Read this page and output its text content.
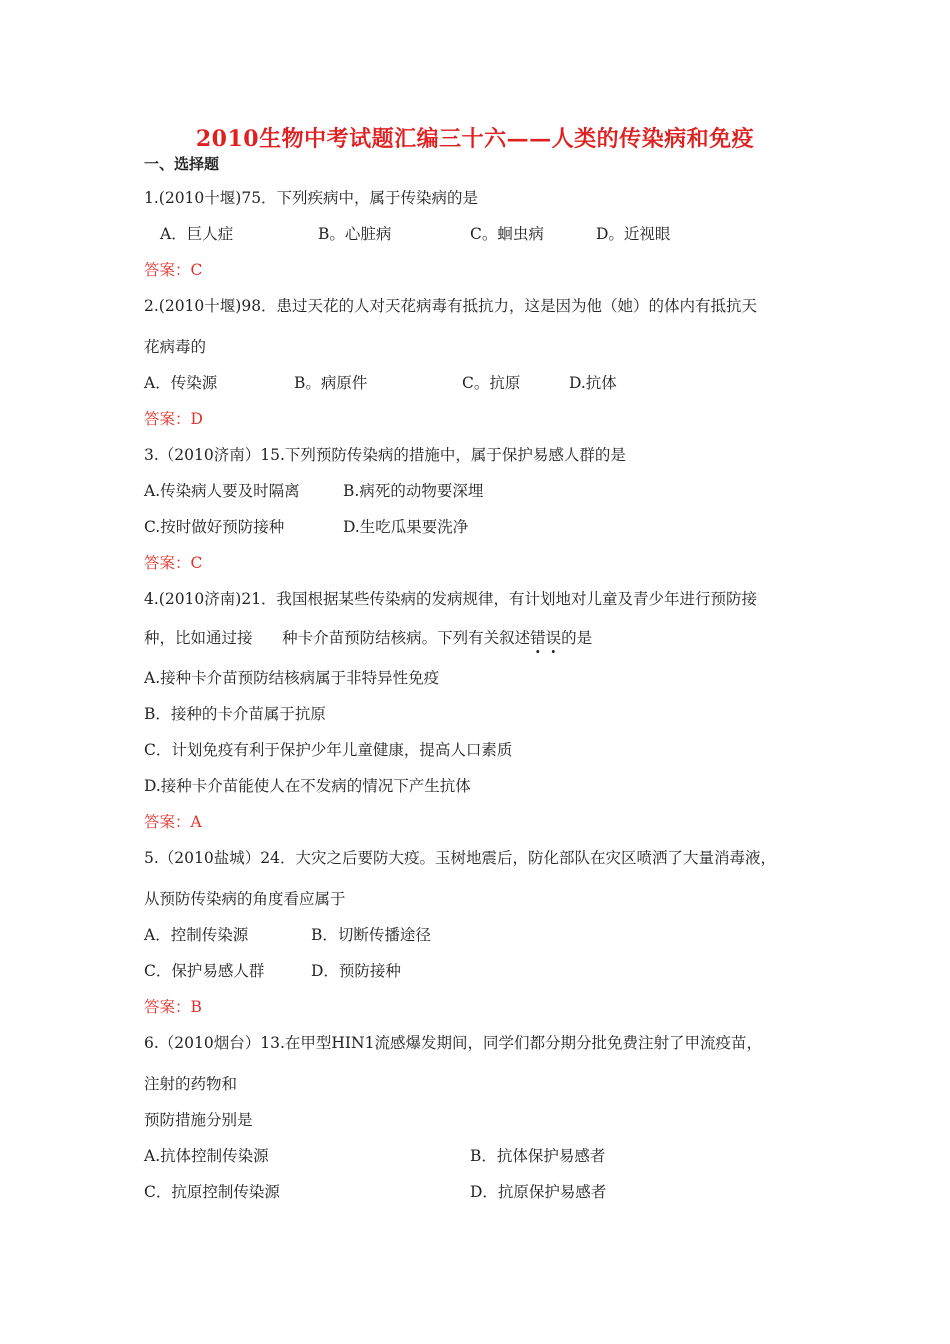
2010生物中考试题汇编三十六——人类的传染病和免疫
一、选择题
1.(2010十堰)75．下列疾病中，属于传染病的是
A．巨人症	B。心脏病	C。蛔虫病	D。近视眼
答案：C
2.(2010十堰)98．患过天花的人对天花病毒有抵抗力，这是因为他（她）的体内有抵抗天
花病毒的
A．传染源	B。病原件	C。抗原	D.抗体
答案：D
3.（2010济南）15.下列预防传染病的措施中，属于保护易感人群的是
A.传染病人要及时隔离	B.病死的动物要深埋
C.按时做好预防接种	D.生吃瓜果要洗净
答案：C
4.(2010济南)21．我国根据某些传染病的发病规律，有计划地对儿童及青少年进行预防接
种，比如通过接      种卡介苗预防结核病。下列有关叙述错误的是
A.接种卡介苗预防结核病属于非特异性免疫
B．接种的卡介苗属于抗原
C．计划免疫有利于保护少年儿童健康，提高人口素质
D.接种卡介苗能使人在不发病的情况下产生抗体
答案：A
5.（2010盐城）24．大灾之后要防大疫。玉树地震后，防化部队在灾区喷洒了大量消毒液，
从预防传染病的角度看应属于
A．控制传染源	B．切断传播途径
C．保护易感人群	D．预防接种
答案：B
6.（2010烟台）13.在甲型HIN1流感爆发期间，同学们都分期分批免费注射了甲流疫苗，
注射的药物和
预防措施分别是
A.抗体控制传染源	B．抗体保护易感者
C．抗原控制传染源	D．抗原保护易感者
